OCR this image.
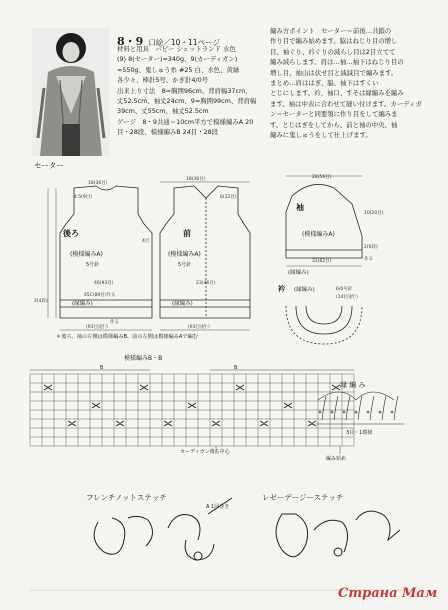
8・9 口絵／10・11ページ
材料と用具　パピー シェットランド 水色
(9) 8(セーター)=340g、9(カーディガン)
=550g、鬼しゅう糸 #25 白、水色、黄緑
各少々、棒針5号、かぎ針4/0号
出来上り寸法　8=胸囲96cm、背肩幅37cm、
丈52.5cm、袖丈24cm、9=胸囲99cm、背肩幅
39cm、丈55cm、袖丈52.5cm
ゲージ　8・9共通＝10cm平方で模様編みA 20
目・28段、模様編みB 24目・28段
編み方ポイント　セーター＝前後…共鎖の
作り目で編み始めます。脇はねじり目の増し
目、袖ぐり、衿ぐりの減らし目は2目立てて
編み減らします。肩は…袖…袖下はねじり目の
増し目、袖山は伏せ目と減減目で編みます。
まとめ…肩ははぎ、脇、袖下はすくい
とじにします。衿、袖口、すそは縁編みを編み
ます。袖は中表に合わせて縫い付けます。カーディガ
ン＝セーターと同要領に作り目をして編みま
す。とじはぎをしてから、前と袖の中央、袖
編みに鬼しゅうをして仕上げます。
セーター
後ろ
(模様編みA)
5号針
(縁編み)
前
(模様編みA)
5号針
(縁編み)
18(36目)
4.5(9目)
18(36目)
6(12目)
46(93目)	23(46目)
4目
2(4段)
作る
45C(89目)作る
(93目)拾う	(93目)拾う
袖
(模様編みA)
(縁編み)
28(56目)
31(62目)
10(20目)
2(6段)
作る
衿 (縁編み)	6/0号針
(14目)拾う
＊後ろ、袖の左側は模様編みB、前の左側は模様編みAで編む
模様編みB・B
B	B
カーディガン後ろ中心
編み始め
縁 編 み
3目・1模様
フレンチノットステッチ
A 1回巻き
レゼーデージーステッチ
Страна Мам
